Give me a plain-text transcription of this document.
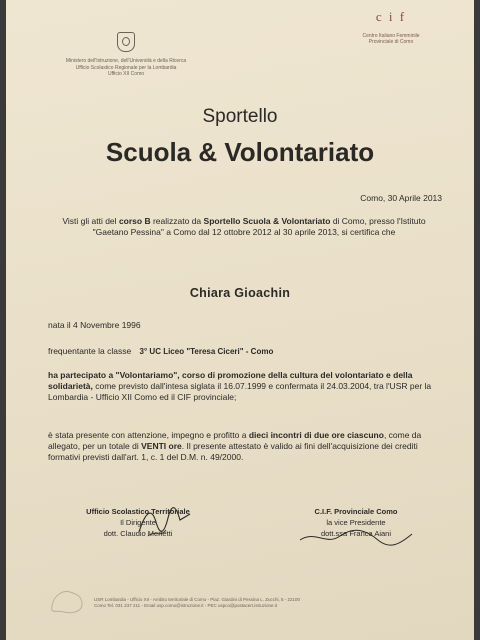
Ministero dell'Istruzione, dell'Università e della Ricerca
Ufficio Scolastico Regionale per la Lombardia
Ufficio XII Como
c i f
Centro Italiano Femminile
Provinciale di Como
Sportello
Scuola & Volontariato
Como, 30 Aprile 2013
Visti gli atti del corso B realizzato da Sportello Scuola & Volontariato di Como, presso l'Istituto "Gaetano Pessina" a Como dal 12 ottobre 2012 al 30 aprile 2013, si certifica che
Chiara Gioachin
nata il 4 Novembre 1996
frequentante la classe 3° UC Liceo "Teresa Ciceri" - Como
ha partecipato a "Volontariamo", corso di promozione della cultura del volontariato e della solidarietà, come previsto dall'intesa siglata il 16.07.1999 e confermata il 24.03.2004, tra l'USR per la Lombardia - Ufficio XII Como ed il CIF provinciale;
è stata presente con attenzione, impegno e profitto a dieci incontri di due ore ciascuno, come da allegato, per un totale di VENTI ore. Il presente attestato è valido ai fini dell'acquisizione dei crediti formativi previsti dall'art. 1, c. 1 del D.M. n. 49/2000.
Ufficio Scolastico Territoriale
Il Dirigente
dott. Claudio Merletti
C.I.F. Provinciale Como
la vice Presidente
dott.ssa Franca Aiani
USR Lombardia - Ufficio XII - Ambito territoriale di Como - Piaz. Giardini di Pessina L. Zucchi, 5 - 22100
Como Tel. 031 237 211 - Email usp.como@istruzione.it - PEC uspco@postacert.istruzione.it
